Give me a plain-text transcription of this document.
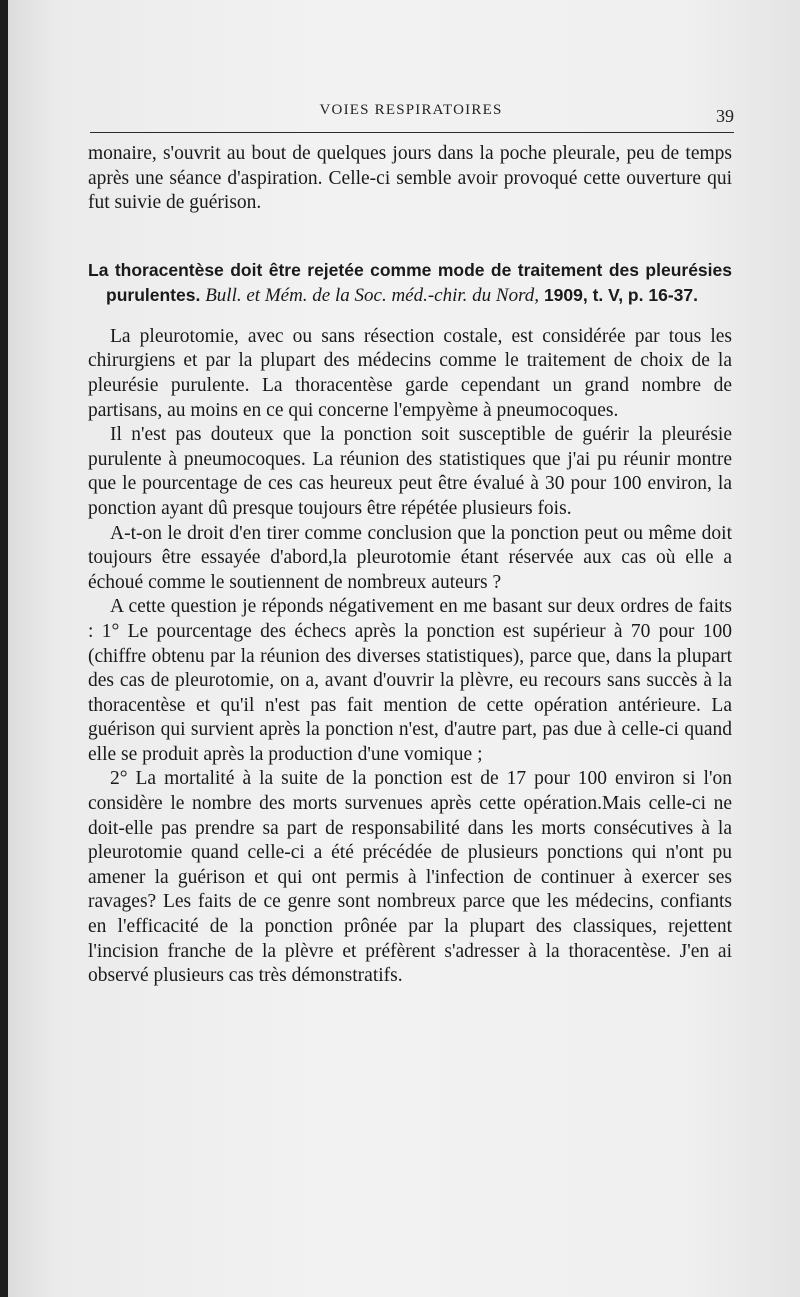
VOIES RESPIRATOIRES	39

monaire, s'ouvrit au bout de quelques jours dans la poche pleurale, peu de temps après une séance d'aspiration. Celle-ci semble avoir provoqué cette ouverture qui fut suivie de guérison.

La thoracentèse doit être rejetée comme mode de traitement des pleurésies purulentes. Bull. et Mém. de la Soc. méd.-chir. du Nord, 1909, t. V, p. 16-37.

La pleurotomie, avec ou sans résection costale, est considérée par tous les chirurgiens et par la plupart des médecins comme le traitement de choix de la pleurésie purulente. La thoracentèse garde cependant un grand nombre de partisans, au moins en ce qui concerne l'empyème à pneumocoques.

Il n'est pas douteux que la ponction soit susceptible de guérir la pleurésie purulente à pneumocoques. La réunion des statistiques que j'ai pu réunir montre que le pourcentage de ces cas heureux peut être évalué à 30 pour 100 environ, la ponction ayant dû presque toujours être répétée plusieurs fois.

A-t-on le droit d'en tirer comme conclusion que la ponction peut ou même doit toujours être essayée d'abord,la pleurotomie étant réservée aux cas où elle a échoué comme le soutiennent de nombreux auteurs ?

A cette question je réponds négativement en me basant sur deux ordres de faits : 1° Le pourcentage des échecs après la ponction est supérieur à 70 pour 100 (chiffre obtenu par la réunion des diverses statistiques), parce que, dans la plupart des cas de pleurotomie, on a, avant d'ouvrir la plèvre, eu recours sans succès à la thoracentèse et qu'il n'est pas fait mention de cette opération antérieure. La guérison qui survient après la ponction n'est, d'autre part, pas due à celle-ci quand elle se produit après la production d'une vomique ;

2° La mortalité à la suite de la ponction est de 17 pour 100 environ si l'on considère le nombre des morts survenues après cette opération.Mais celle-ci ne doit-elle pas prendre sa part de responsabilité dans les morts consécutives à la pleurotomie quand celle-ci a été précédée de plusieurs ponctions qui n'ont pu amener la guérison et qui ont permis à l'infection de continuer à exercer ses ravages? Les faits de ce genre sont nombreux parce que les médecins, confiants en l'efficacité de la ponction prônée par la plupart des classiques, rejettent l'incision franche de la plèvre et préfèrent s'adresser à la thoracentèse. J'en ai observé plusieurs cas très démonstratifs.
